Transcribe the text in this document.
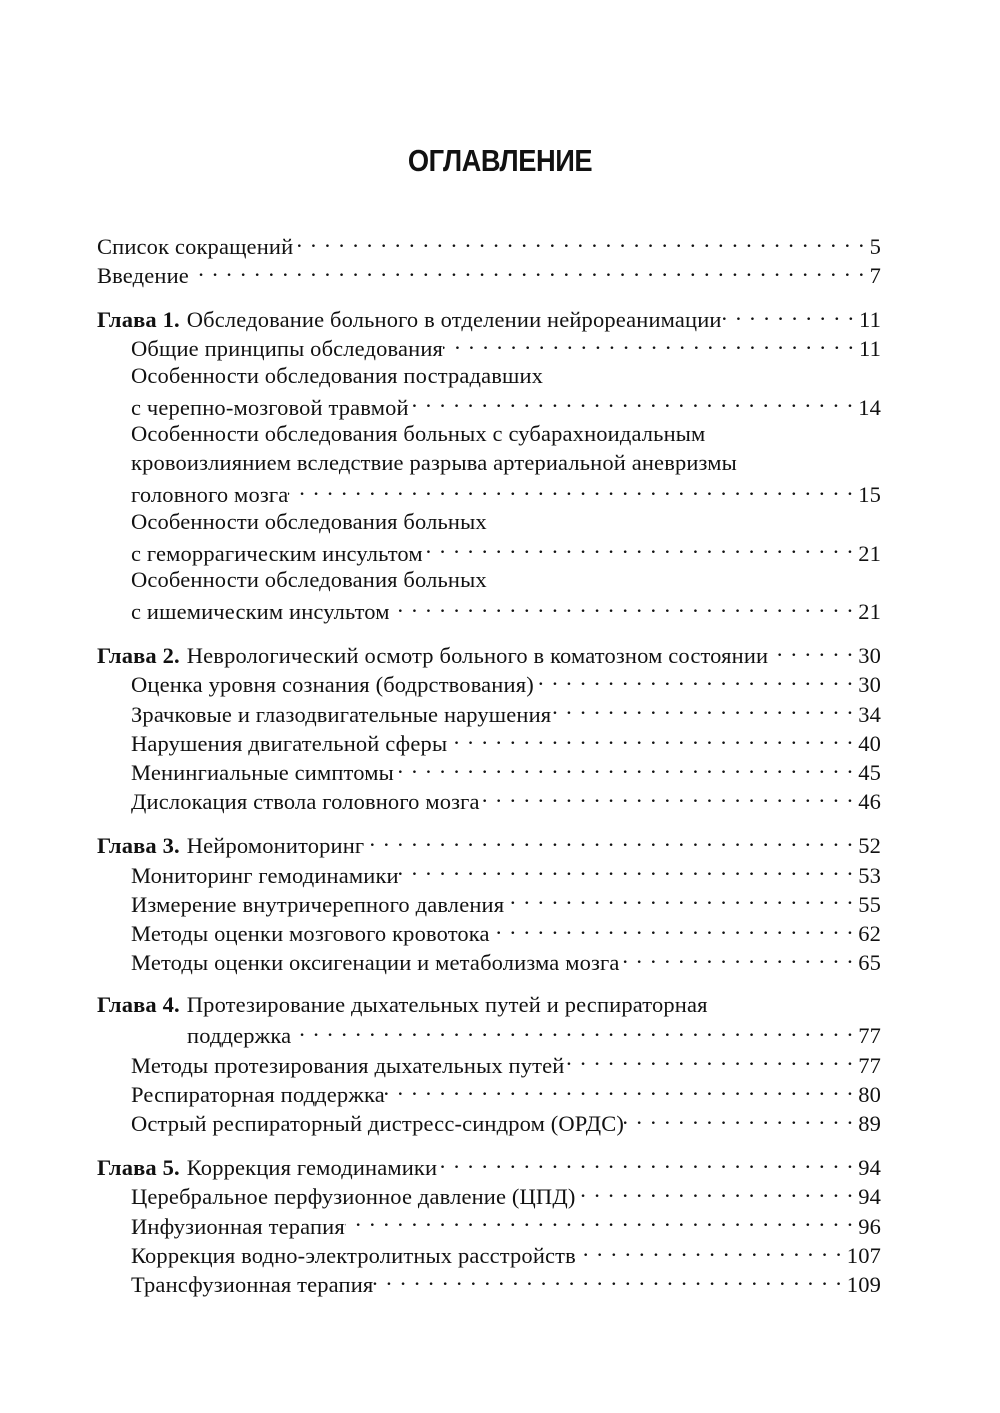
ОГЛАВЛЕНИЕ
Список сокращений . . .	5
Введение . . .	7
Глава 1. Обследование больного в отделении нейрореанимации . . .	11
Общие принципы обследования . . .	11
Особенности обследования пострадавших
с черепно-мозговой травмой . . .	14
Особенности обследования больных с субарахноидальным
кровоизлиянием вследствие разрыва артериальной аневризмы
головного мозга . . .	15
Особенности обследования больных
с геморрагическим инсультом . . .	21
Особенности обследования больных
с ишемическим инсультом . . .	21
Глава 2. Неврологический осмотр больного в коматозном состоянии . . .	30
Оценка уровня сознания (бодрствования) . . .	30
Зрачковые и глазодвигательные нарушения . . .	34
Нарушения двигательной сферы . . .	40
Менингиальные симптомы . . .	45
Дислокация ствола головного мозга . . .	46
Глава 3. Нейромониторинг . . .	52
Мониторинг гемодинамики . . .	53
Измерение внутричерепного давления . . .	55
Методы оценки мозгового кровотока . . .	62
Методы оценки оксигенации и метаболизма мозга . . .	65
Глава 4. Протезирование дыхательных путей и респираторная
поддержка . . .	77
Методы протезирования дыхательных путей . . .	77
Респираторная поддержка . . .	80
Острый респираторный дистресс-синдром (ОРДС) . . .	89
Глава 5. Коррекция гемодинамики . . .	94
Церебральное перфузионное давление (ЦПД) . . .	94
Инфузионная терапия . . .	96
Коррекция водно-электролитных расстройств . . .	107
Трансфузионная терапия . . .	109
